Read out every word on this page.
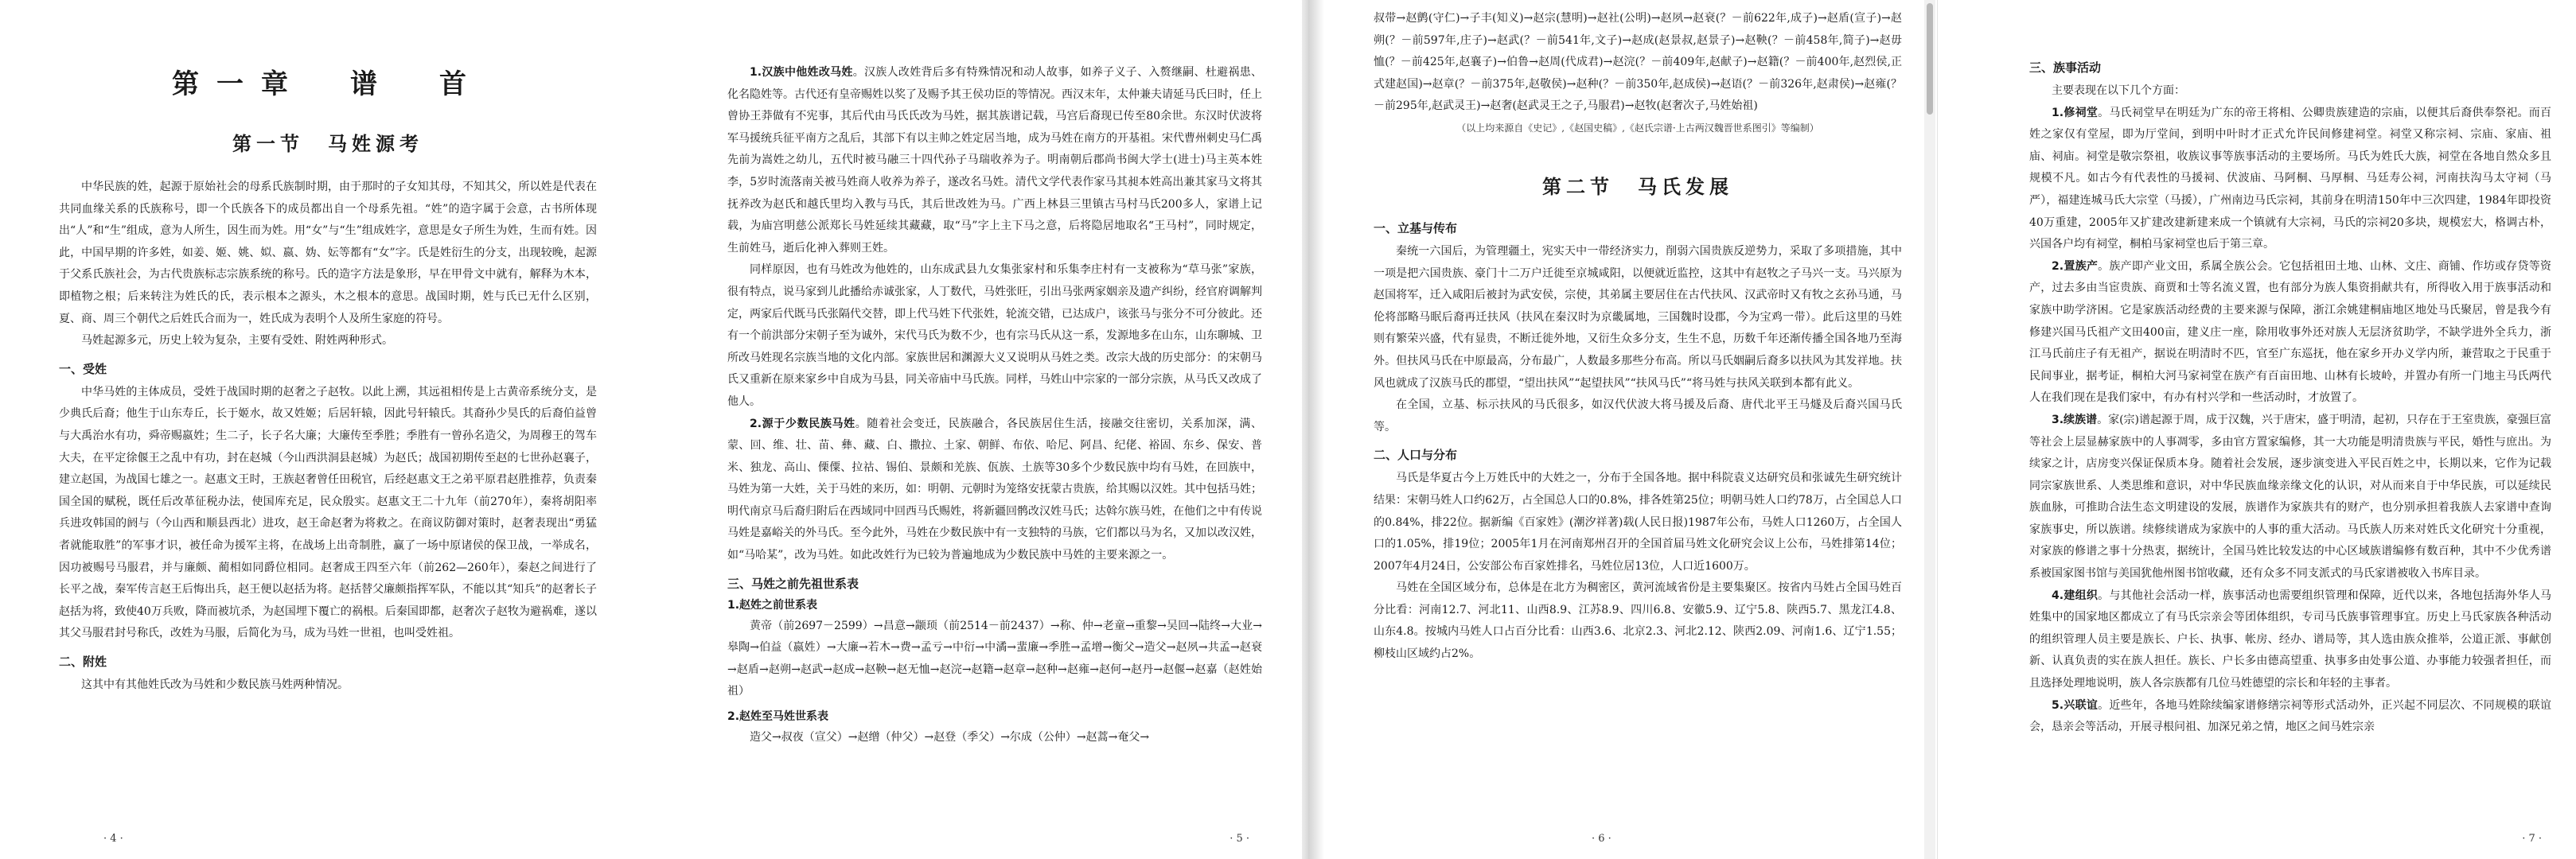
第一章　谱　首
第一节　马姓源考

中华民族的姓，起源于原始社会的母系氏族制时期，由于那时的子女知其母，不知其父，所以姓是代表在共同血缘关系的氏族称号，即一个氏族各下的成员都出自一个母系先祖。“姓”的造字属于会意，古书所体现出“人”和“生”组成，意为人所生，因生而为姓。用“女”与“生”组成姓字，意思是女子所生为姓，生而有姓。因此，中国早期的许多姓，如姜、姬、姚、姒、嬴、妫、妘等都有“女”字。氏是姓衍生的分支，出现较晚，起源于父系氏族社会，为古代贵族标志宗族系统的称号。氏的造字方法是象形，早在甲骨文中就有，解释为木本，即植物之根；后来转注为姓氏的氏，表示根本之源头，木之根本的意思。战国时期，姓与氏已无什么区别，夏、商、周三个朝代之后姓氏合而为一，姓氏成为表明个人及所生家庭的符号。

马姓起源多元，历史上较为复杂，主要有受姓、附姓两种形式。

一、受姓

中华马姓的主体成员，受姓于战国时期的赵奢之子赵牧。以此上溯，其远祖相传是上古黄帝系统分支，是少典氏后裔；他生于山东寿丘，长于姬水，故又姓姬；后居轩辕，因此号轩辕氏。其裔孙少昊氏的后裔伯益曾与大禹治水有功，舜帝赐嬴姓；生二子，长子名大廉；大廉传至季胜；季胜有一曾孙名造父，为周穆王的驾车大夫，在平定徐偃王之乱中有功，封在赵城（今山西洪洞县赵城）为赵氏；战国初期传至赵的七世孙赵襄子，建立赵国，为战国七雄之一。赵惠文王时，王族赵奢曾任田税官，后经赵惠文王之弟平原君赵胜推荐，负责秦国全国的赋税，既任后改革征税办法，使国库充足，民众殷实。赵惠文王二十九年（前270年），秦将胡阳率兵进攻韩国的阏与（今山西和顺县西北）进攻，赵王命赵奢为将救之。在商议防御对策时，赵奢表现出“勇猛者就能取胜”的军事才识，被任命为援军主将，在战场上出奇制胜，赢了一场中原诸侯的保卫战，一举成名，因功被赐号马服君，并与廉颇、蔺相如同爵位相同。赵奢成王四至六年（前262—260年），秦赵之间进行了长平之战，秦军传言赵王后悔出兵，赵王便以赵括为将。赵括替父廉颇指挥军队，不能以其“知兵”的赵奢长子赵括为将，致使40万兵败，降而被坑杀，为赵国埋下覆亡的祸根。后秦国即都，赵奢次子赵牧为避祸难，遂以其父马服君封号称氏，改姓为马服，后简化为马，成为马姓一世祖，也叫受姓祖。

二、附姓

这其中有其他姓氏改为马姓和少数民族马姓两种情况。

· 4 ·

1.汉族中他姓改马姓。汉族人改姓背后多有特殊情况和动人故事，如养子义子、入赘继嗣、杜避祸患、化名隐姓等。古代还有皇帝赐姓以奖了及赐予其王侯功臣的等情况。西汉末年，太仲兼夫请延马氏曰时，任上曾协王莽做有不宪事，其后代由马氏氏改为马姓，据其族谱记载，马宫后裔现已传至80余世。东汉时伏波将军马援统兵征平南方之乱后，其部下有以主帅之姓定居当地，成为马姓在南方的开基祖。宋代曹州刺史马仁禹先前为嵩姓之幼儿，五代时被马融三十四代孙子马瑞收养为子。明南朝后郡尚书闽大学士(进士)马主英本姓李，5岁时流落南关被马姓商人收养为养子，遂改名马姓。清代文学代表作家马其昶本姓高出兼其家马文将其抚养改为赵氏和越氏里均入教与马氏，其后世改姓为马。广西上林县三里镇古马村马氏200多人，家谱上记载，为庙宫明慈公派郑长马姓延续其藏藏，取“马”字上主下马之意，后将隐居地取名“王马村”，同时规定，生前姓马，逝后化神入葬则王姓。

同样原因，也有马姓改为他姓的，山东成武县九女集张家村和乐集李庄村有一支被称为“草马张”家族，很有特点，说马家到儿此播给赤诚张家，人丁数代，马姓张旺，引出马张两家姻亲及遗产纠纷，经官府调解判定，两家后代既马氏张隔代交替，即上代马姓下代张姓，轮流交错，已达成户，该张马与张分不可分彼此。还有一个前洪部分宋朝子至为诚外，宋代马氏为数不少，也有宗马氏从这一系，发源地多在山东，山东聊城、卫所改马姓现名宗族当地的文化内部。家族世居和渊源大义又说明从马姓之类。改宗大战的历史部分：的宋朝马氏又重新在原来家乡中自成为马县，同关帝庙中马氏族。同样，马姓山中宗家的一部分宗族，从马氏又改成了他人。

2.源于少数民族马姓。随着社会变迁，民族融合，各民族居住生活，接融交往密切，关系加深，满、蒙、回、维、壮、苗、彝、藏、白、撒拉、土家、朝鲜、布依、哈尼、阿昌、纪佬、裕固、东乡、保安、普米、独龙、高山、傈僳、拉祜、锡伯、景颇和羌族、佤族、土族等30多个少数民族中均有马姓，在回族中，马姓为第一大姓，关于马姓的来历，如：明朝、元朝时为笼络安抚蒙古贵族，给其赐以汉姓。其中包括马姓；明代南京马后裔归附后在西域同中回西马氏赐姓，将新疆回鹘改汉姓马氏；达斡尔族马姓，在他们之中有传说马姓是嘉峪关的外马氏。至今此外，马姓在少数民族中有一支独特的马族，它们都以马为名，又加以改汉姓，如“马哈某”，改为马姓。如此改姓行为已较为普遍地成为少数民族中马姓的主要来源之一。

三、马姓之前先祖世系表
1.赵姓之前世系表

黄帝（前2697－2599）→昌意→颛顼（前2514－前2437）→称、仲→老童→重黎→吴回→陆终→大业→皋陶→伯益（嬴姓）→大廉→若木→费→孟亏→中衍→中潏→蜚廉→季胜→孟增→衡父→造父→赵夙→共孟→赵衰→赵盾→赵朔→赵武→赵成→赵鞅→赵无恤→赵浣→赵籍→赵章→赵种→赵雍→赵何→赵丹→赵偃→赵嘉（赵姓始祖）

2.赵姓至马姓世系表

造父→叔夜（宣父）→赵缯（仲父）→赵登（季父）→尔成（公仲）→赵蒿→奄父→

· 5 ·

叔带→赵鹯(守仁)→子丰(知义)→赵宗(慧明)→赵社(公明)→赵夙→赵衰(？－前622年,成子)→赵盾(宣子)→赵朔(？－前597年,庄子)→赵武(？－前541年,文子)→赵成(赵景叔,赵景子)→赵鞅(？－前458年,简子)→赵毋恤(？－前425年,赵襄子)→伯鲁→赵周(代成君)→赵浣(？－前409年,赵献子)→赵籍(？－前400年,赵烈侯,正式建赵国)→赵章(？－前375年,赵敬侯)→赵种(？－前350年,赵成侯)→赵语(？－前326年,赵肃侯)→赵雍(？－前295年,赵武灵王)→赵奢(赵武灵王之子,马服君)→赵牧(赵奢次子,马姓始祖)

（以上均来源自《史记》,《赵国史稿》,《赵氏宗谱·上古两汉魏晋世系图引》等编制）
第二节　马氏发展
一、立基与传布

秦统一六国后，为管理疆土，宪实天中一带经济实力，削弱六国贵族反逆势力，采取了多项措施，其中一项是把六国贵族、豪门十二万户迁徙至京城咸阳，以便就近监控，这其中有赵牧之子马兴一支。马兴原为赵国将军，迁入咸阳后被封为武安侯，宗使，其弟属主要居住在古代扶风、汉武帝时又有牧之玄孙马通，马伦将部略马眠后裔再迁扶风（扶风在秦汉时为京畿属地，三国魏时设郡，今为宝鸡一带）。此后这里的马姓则有繁荣兴盛，代有显贵，不断迁徙外地，又衍生众多分支，生生不息，历数千年还渐传播全国各地乃至海外。但扶风马氏在中原最高，分布最广，人数最多那些分布高。所以马氏姻嗣后裔多以扶风为其发祥地。扶风也就成了汉族马氏的郡望，“望出扶风”“起望扶风”“扶风马氏”“将马姓与扶风关联到本都有此义。

在全国，立基、标示扶风的马氏很多，如汉代伏波大将马援及后裔、唐代北平王马燧及后裔兴国马氏等。

二、人口与分布

马氏是华夏古今上万姓氏中的大姓之一，分布于全国各地。据中科院袁义达研究员和张诚先生研究统计结果：宋朝马姓人口约62万，占全国总人口的0.8%，排各姓第25位；明朝马姓人口约78万，占全国总人口的0.84%，排22位。据新编《百家姓》(潮汐祥著)载(人民日报)1987年公布，马姓人口1260万，占全国人口的1.05%，排19位；2005年1月在河南郑州召开的全国首届马姓文化研究会议上公布，马姓排第14位；2007年4月24日，公安部公布百家姓排名，马姓位居13位，人口近1600万。

马姓在全国区域分布，总体是在北方为稠密区，黄河流域省份是主要集聚区。按省内马姓占全国马姓百分比看：河南12.7、河北11、山西8.9、江苏8.9、四川6.8、安徽5.9、辽宁5.8、陕西5.7、黑龙江4.8、山东4.8。按城内马姓人口占百分比看：山西3.6、北京2.3、河北2.12、陕西2.09、河南1.6、辽宁1.55；柳枝山区域约占2%。

· 6 ·
三、族事活动

主要表现在以下几个方面：

1.修祠堂。马氏祠堂早在明廷为广东的帝王将相、公卿贵族建造的宗庙，以便其后裔供奉祭祀。而百姓之家仅有堂屋，即为厅堂间，到明中叶时才正式允许民间修建祠堂。祠堂又称宗祠、宗庙、家庙、祖庙、祠庙。祠堂是敬宗祭祖，收族议事等族事活动的主要场所。马氏为姓氏大族，祠堂在各地自然众多且规模不凡。如古今有代表性的马援祠、伏波庙、马阿桐、马厚桐、马廷寿公祠，河南扶沟马太守祠（马严），福建连城马氏大宗堂（马援），广州南边马氏宗祠，其前身在明清150年中三次四建，1984年即投资40万重建，2005年又扩建改建新建来成一个镇就有大宗祠，马氏的宗祠20多块，规模宏大，格调古朴，兴国各户均有祠堂，桐柏马家祠堂也后于第三章。

2.置族产。族产即产业文田，系属全族公会。它包括祖田土地、山林、文庄、商铺、作坊或存贷等资产，过去多由当宦贵族、商贾和士等名流义置，也有部分为族人集资捐献共有，所得收入用于族事活动和家族中助学济困。它是家族活动经费的主要来源与保障，浙江余姚建桐庙地区地处马氏聚居，曾是我今有修建兴国马氏祖产文田400亩，建义庄一座，除用收事外还对族人无层济贫助学，不缺学进外全兵力，浙江马氏前庄子有无祖产，据说在明清时不匹，官至广东巡抚，他在家乡开办义学内所，兼营取之于民重于民间事业，据考证，桐柏大河马家祠堂在族产有百亩田地、山林有长坡岭，并置办有所一门地主马氏两代人在我们现在是我们家中，有办有村兴学和一些活动时，才放置了。

3.续族谱。家(宗)谱起源于周，成于汉魏，兴于唐宋，盛于明清，起初，只存在于王室贵族，豪强巨富等社会上层显赫家族中的人事凋零，多由官方置家编修，其一大功能是明清贵族与平民，婚性与庶出。为续家之计，店房变兴保证保质本身。随着社会发展，逐步演变进入平民百姓之中，长期以来，它作为记载同宗家族世系、人类思维和意识，对中华民族血缘亲缘文化的认识，对从而来自于中华民族，可以延续民族血脉，可推助合法生态文明建设的发展，族谱作为家族共有的财产，也分别承担着我族人去家谱中查询家族事史，所以族谱。续修续谱成为家族中的人事的重大活动。马氏族人历来对姓氏文化研究十分重视，对家族的修谱之事十分热衷，据统计，全国马姓比较发达的中心区域族谱编修有数百种，其中不少优秀谱系被国家图书馆与美国犹他州图书馆收藏，还有众多不同支派式的马氏家谱被收入书库目录。

4.建组织。与其他社会活动一样，族事活动也需要组织管理和保障，近代以来，各地包括海外华人马姓集中的国家地区都成立了有马氏宗亲会等团体组织，专司马氏族事管理事宜。历史上马氏家族各种活动的组织管理人员主要是族长、户长、执事、帐房、经办、谱局等，其人选由族众推举，公道正派、事献创新、认真负责的实在族人担任。族长、户长多由德高望重、执事多由处事公道、办事能力较强者担任，而且选择处理地说明，族人各宗族都有几位马姓德望的宗长和年轻的主事者。

5.兴联谊。近些年，各地马姓除续编家谱修缮宗祠等形式活动外，正兴起不同层次、不同规模的联谊会，恳亲会等活动，开展寻根问祖、加深兄弟之情，地区之间马姓宗亲

· 7 ·
